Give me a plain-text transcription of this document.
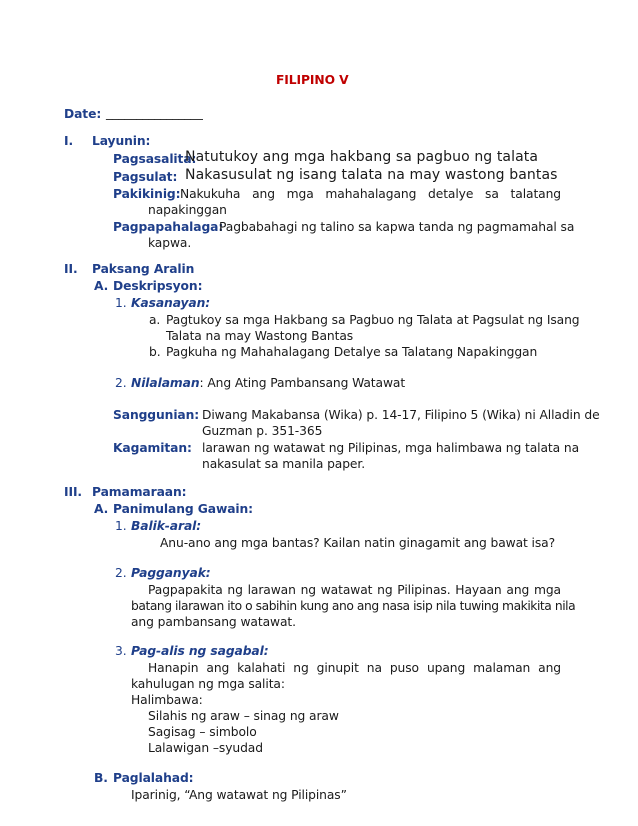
FILIPINO V
Date: ________________
I. Layunin:
Pagsasalita:
Natutukoy ang mga hakbang sa pagbuo ng talata
Pagsulat: Nakasusulat ng isang talata na may wastong bantas
Pakikinig: Nakukuha ang mga mahahalagang detalye sa talatang
napakinggan
Pagpapahalaga:
Pagbabahagi ng talino sa kapwa tanda ng pagmamahal sa
kapwa.
II. Paksang Aralin
A. Deskripsyon:
1. Kasanayan:
a. Pagtukoy sa mga Hakbang sa Pagbuo ng Talata at Pagsulat ng Isang
Talata na may Wastong Bantas
b. Pagkuha ng Mahahalagang Detalye sa Talatang Napakinggan
2. Nilalaman: Ang Ating Pambansang Watawat
Sanggunian: Diwang Makabansa (Wika) p. 14-17, Filipino 5 (Wika) ni Alladin de
Guzman p. 351-365
Kagamitan: larawan ng watawat ng Pilipinas, mga halimbawa ng talata na
nakasulat sa manila paper.
III. Pamamaraan:
A. Panimulang Gawain:
1. Balik-aral:
Anu-ano ang mga bantas? Kailan natin ginagamit ang bawat isa?
2. Pagganyak:
Pagpapakita ng larawan ng watawat ng Pilipinas. Hayaan ang mga
batang ilarawan ito o sabihin kung ano ang nasa isip nila tuwing makikita nila
ang pambansang watawat.
3. Pag-alis ng sagabal:
Hanapin ang kalahati ng ginupit na puso upang malaman ang
kahulugan ng mga salita:
Halimbawa:
Silahis ng araw – sinag ng araw
Sagisag – simbolo
Lalawigan –syudad
B. Paglalahad:
Iparinig, “Ang watawat ng Pilipinas”
